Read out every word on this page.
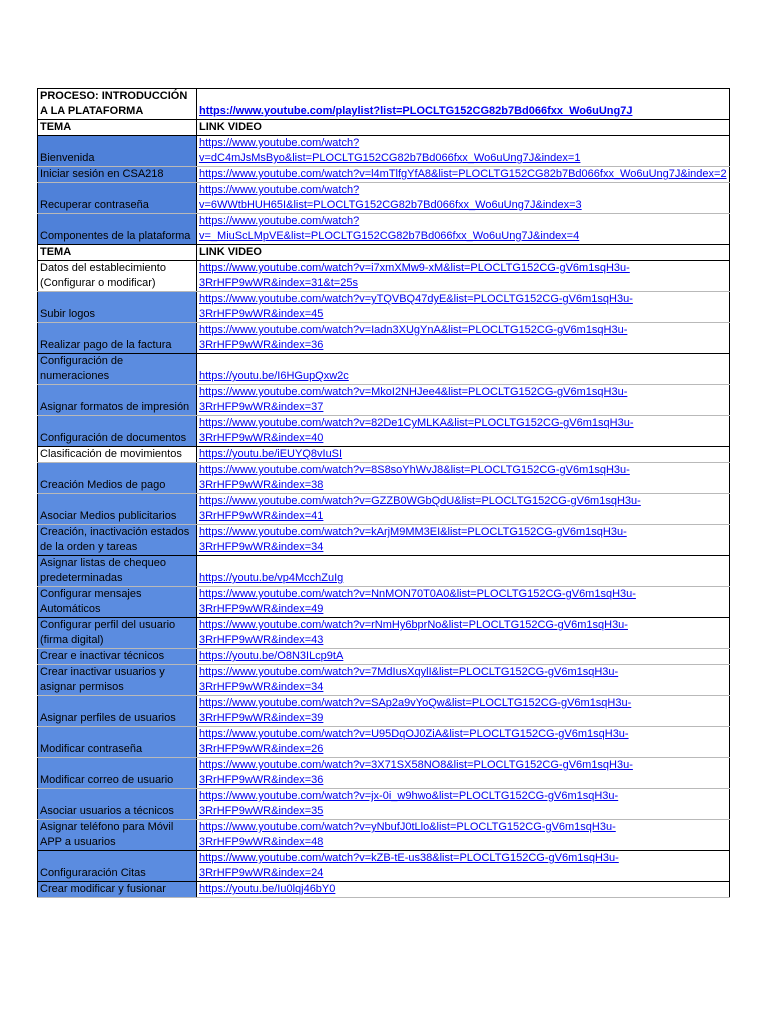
PROCESO: INTRODUCCIÓN A LA PLATAFORMA	https://www.youtube.com/playlist?list=PLOCLTG152CG82b7Bd066fxx_Wo6uUng7J
TEMA	LINK VIDEO
Bienvenida	https://www.youtube.com/watch?v=dC4mJsMsByo&list=PLOCLTG152CG82b7Bd066fxx_Wo6uUng7J&index=1
Iniciar sesión en CSA218	https://www.youtube.com/watch?v=l4mTlfgYfA8&list=PLOCLTG152CG82b7Bd066fxx_Wo6uUng7J&index=2
Recuperar contraseña	https://www.youtube.com/watch?v=6WWtbHUH65I&list=PLOCLTG152CG82b7Bd066fxx_Wo6uUng7J&index=3
Componentes de la plataforma	https://www.youtube.com/watch?v=_MiuScLMpVE&list=PLOCLTG152CG82b7Bd066fxx_Wo6uUng7J&index=4
TEMA	LINK VIDEO
Datos del establecimiento (Configurar o modificar)	https://www.youtube.com/watch?v=i7xmXMw9-xM&list=PLOCLTG152CG-gV6m1sqH3u-3RrHFP9wWR&index=31&t=25s
Subir logos	https://www.youtube.com/watch?v=yTQVBQ47dyE&list=PLOCLTG152CG-gV6m1sqH3u-3RrHFP9wWR&index=45
Realizar pago de la factura	https://www.youtube.com/watch?v=Iadn3XUgYnA&list=PLOCLTG152CG-gV6m1sqH3u-3RrHFP9wWR&index=36
Configuración de numeraciones	https://youtu.be/I6HGupQxw2c
Asignar formatos de impresión	https://www.youtube.com/watch?v=MkoI2NHJee4&list=PLOCLTG152CG-gV6m1sqH3u-3RrHFP9wWR&index=37
Configuración de documentos	https://www.youtube.com/watch?v=82De1CyMLKA&list=PLOCLTG152CG-gV6m1sqH3u-3RrHFP9wWR&index=40
Clasificación de movimientos	https://youtu.be/iEUYQ8vIuSI
Creación Medios de pago	https://www.youtube.com/watch?v=8S8soYhWvJ8&list=PLOCLTG152CG-gV6m1sqH3u-3RrHFP9wWR&index=38
Asociar Medios publicitarios	https://www.youtube.com/watch?v=GZZB0WGbQdU&list=PLOCLTG152CG-gV6m1sqH3u-3RrHFP9wWR&index=41
Creación, inactivación estados de la orden y tareas	https://www.youtube.com/watch?v=kArjM9MM3EI&list=PLOCLTG152CG-gV6m1sqH3u-3RrHFP9wWR&index=34
Asignar listas de chequeo predeterminadas	https://youtu.be/vp4McchZuIg
Configurar mensajes Automáticos	https://www.youtube.com/watch?v=NnMON70T0A0&list=PLOCLTG152CG-gV6m1sqH3u-3RrHFP9wWR&index=49
Configurar perfil del usuario (firma digital)	https://www.youtube.com/watch?v=rNmHy6bprNo&list=PLOCLTG152CG-gV6m1sqH3u-3RrHFP9wWR&index=43
Crear e inactivar técnicos	https://youtu.be/O8N3ILcp9tA
Crear inactivar usuarios y asignar permisos	https://www.youtube.com/watch?v=7MdIusXqylI&list=PLOCLTG152CG-gV6m1sqH3u-3RrHFP9wWR&index=34
Asignar perfiles de usuarios	https://www.youtube.com/watch?v=SAp2a9vYoQw&list=PLOCLTG152CG-gV6m1sqH3u-3RrHFP9wWR&index=39
Modificar contraseña	https://www.youtube.com/watch?v=U95DqOJ0ZiA&list=PLOCLTG152CG-gV6m1sqH3u-3RrHFP9wWR&index=26
Modificar correo de usuario	https://www.youtube.com/watch?v=3X71SX58NO8&list=PLOCLTG152CG-gV6m1sqH3u-3RrHFP9wWR&index=36
Asociar usuarios a técnicos	https://www.youtube.com/watch?v=jx-0i_w9hwo&list=PLOCLTG152CG-gV6m1sqH3u-3RrHFP9wWR&index=35
Asignar teléfono para Móvil APP a usuarios	https://www.youtube.com/watch?v=yNbufJ0tLlo&list=PLOCLTG152CG-gV6m1sqH3u-3RrHFP9wWR&index=48
Configuraración Citas	https://www.youtube.com/watch?v=kZB-tE-us38&list=PLOCLTG152CG-gV6m1sqH3u-3RrHFP9wWR&index=24
Crear modificar y fusionar	https://youtu.be/Iu0lqj46bY0
